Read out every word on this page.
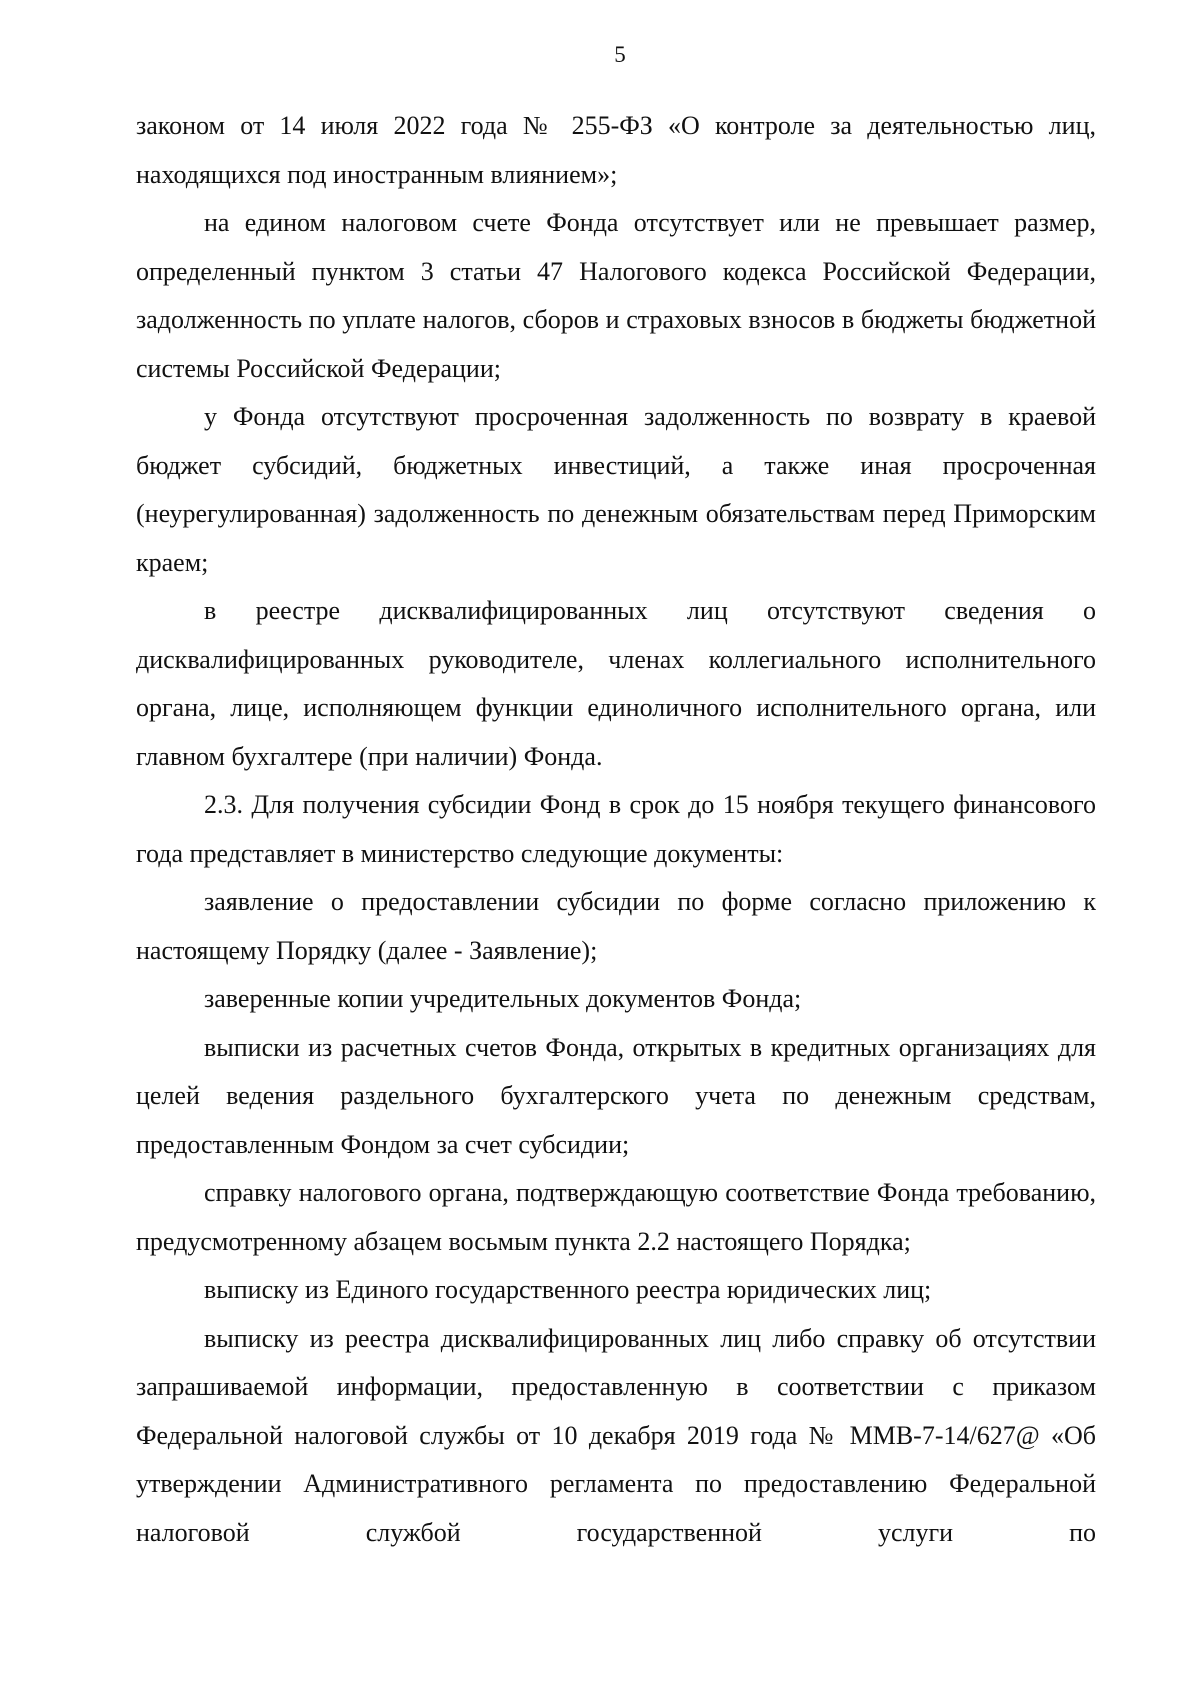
5

законом от 14 июля 2022 года № 255-ФЗ «О контроле за деятельностью лиц, находящихся под иностранным влиянием»;

на едином налоговом счете Фонда отсутствует или не превышает размер, определенный пунктом 3 статьи 47 Налогового кодекса Российской Федерации, задолженность по уплате налогов, сборов и страховых взносов в бюджеты бюджетной системы Российской Федерации;

у Фонда отсутствуют просроченная задолженность по возврату в краевой бюджет субсидий, бюджетных инвестиций, а также иная просроченная (неурегулированная) задолженность по денежным обязательствам перед Приморским краем;

в реестре дисквалифицированных лиц отсутствуют сведения о дисквалифицированных руководителе, членах коллегиального исполнительного органа, лице, исполняющем функции единоличного исполнительного органа, или главном бухгалтере (при наличии) Фонда.

2.3. Для получения субсидии Фонд в срок до 15 ноября текущего финансового года представляет в министерство следующие документы:

заявление о предоставлении субсидии по форме согласно приложению к настоящему Порядку (далее - Заявление);

заверенные копии учредительных документов Фонда;

выписки из расчетных счетов Фонда, открытых в кредитных организациях для целей ведения раздельного бухгалтерского учета по денежным средствам, предоставленным Фондом за счет субсидии;

справку налогового органа, подтверждающую соответствие Фонда требованию, предусмотренному абзацем восьмым пункта 2.2 настоящего Порядка;

выписку из Единого государственного реестра юридических лиц;

выписку из реестра дисквалифицированных лиц либо справку об отсутствии запрашиваемой информации, предоставленную в соответствии с приказом Федеральной налоговой службы от 10 декабря 2019 года № ММВ-7-14/627@ «Об утверждении Административного регламента по предоставлению Федеральной налоговой службой государственной услуги по
